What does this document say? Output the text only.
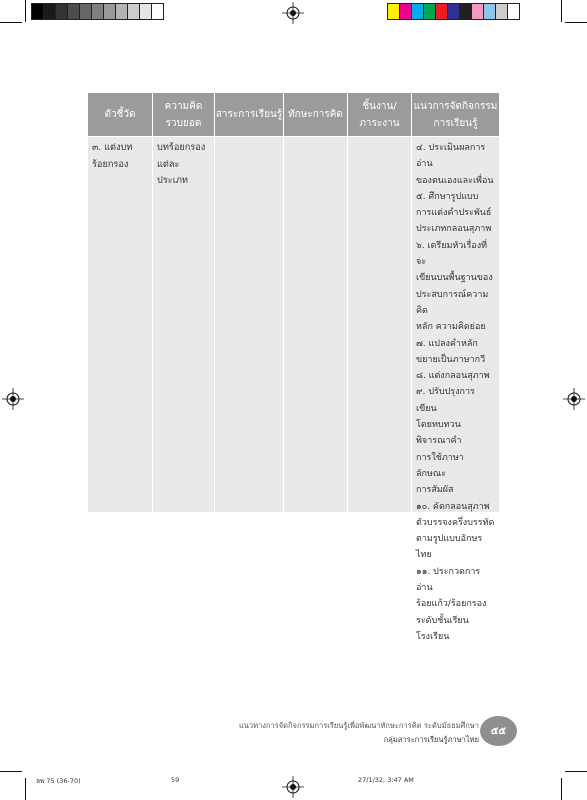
ตัวชี้วัด
ความคิด
รวบยอด
สาระการเรียนรู้ ทักษะการคิด
ชิ้นงาน/
ภาระงาน
แนวการจัดกิจกรรม
การเรียนรู้
๓. แต่งบท
ร้อยกรอง
บทร้อยกรอง
แต่ละประเภท
๔. ประเมินผลการอ่าน
ของตนเองและเพื่อน
๕. ศึกษารูปแบบ
การแต่งคำประพันธ์
ประเภทกลอนสุภาพ
๖. เตรียมหัวเรื่องที่จะ
เขียนบนพื้นฐานของ
ประสบการณ์ความคิด
หลัก ความคิดย่อย
๗. แปลงคำหลัก
ขยายเป็นภาษากวี
๘. แต่งกลอนสุภาพ
๙. ปรับปรุงการเขียน
โดยทบทวน พิจารณาคำ
การใช้ภาษา ลักษณะ
การสัมผัส
๑๐. คัดกลอนสุภาพ
ตัวบรรจงครึ่งบรรทัด
ตามรูปแบบอักษรไทย
๑๑. ประกวดการอ่าน
ร้อยแก้ว/ร้อยกรอง
ระดับชั้นเรียน โรงเรียน
แนวทางการจัดกิจกรรมการเรียนรู้เพื่อพัฒนาทักษะการคิด ระดับมัธยมศึกษา
กลุ่มสาระการเรียนรู้ภาษาไทย
๕๕
ลพ 75 (36-70)	59	27/1/32, 3:47 AM
